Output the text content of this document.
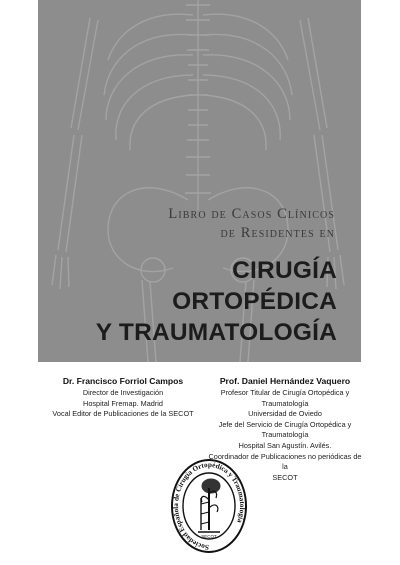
Libro de Casos Clínicos
de Residentes en
CIRUGÍA
ORTOPÉDICA
Y TRAUMATOLOGÍA
Dr. Francisco Forriol Campos
Director de Investigación
Hospital Fremap. Madrid
Vocal Editor de Publicaciones de la SECOT
Prof. Daniel Hernández Vaquero
Profesor Titular de Cirugía Ortopédica y Traumatología
Universidad de Oviedo
Jefe del Servicio de Cirugía Ortopédica y
Traumatología
Hospital San Agustín. Avilés.
Coordinador de Publicaciones no periódicas de la
SECOT
Sociedad Española de Cirugía Ortopédica y Traumatología
SECOT
